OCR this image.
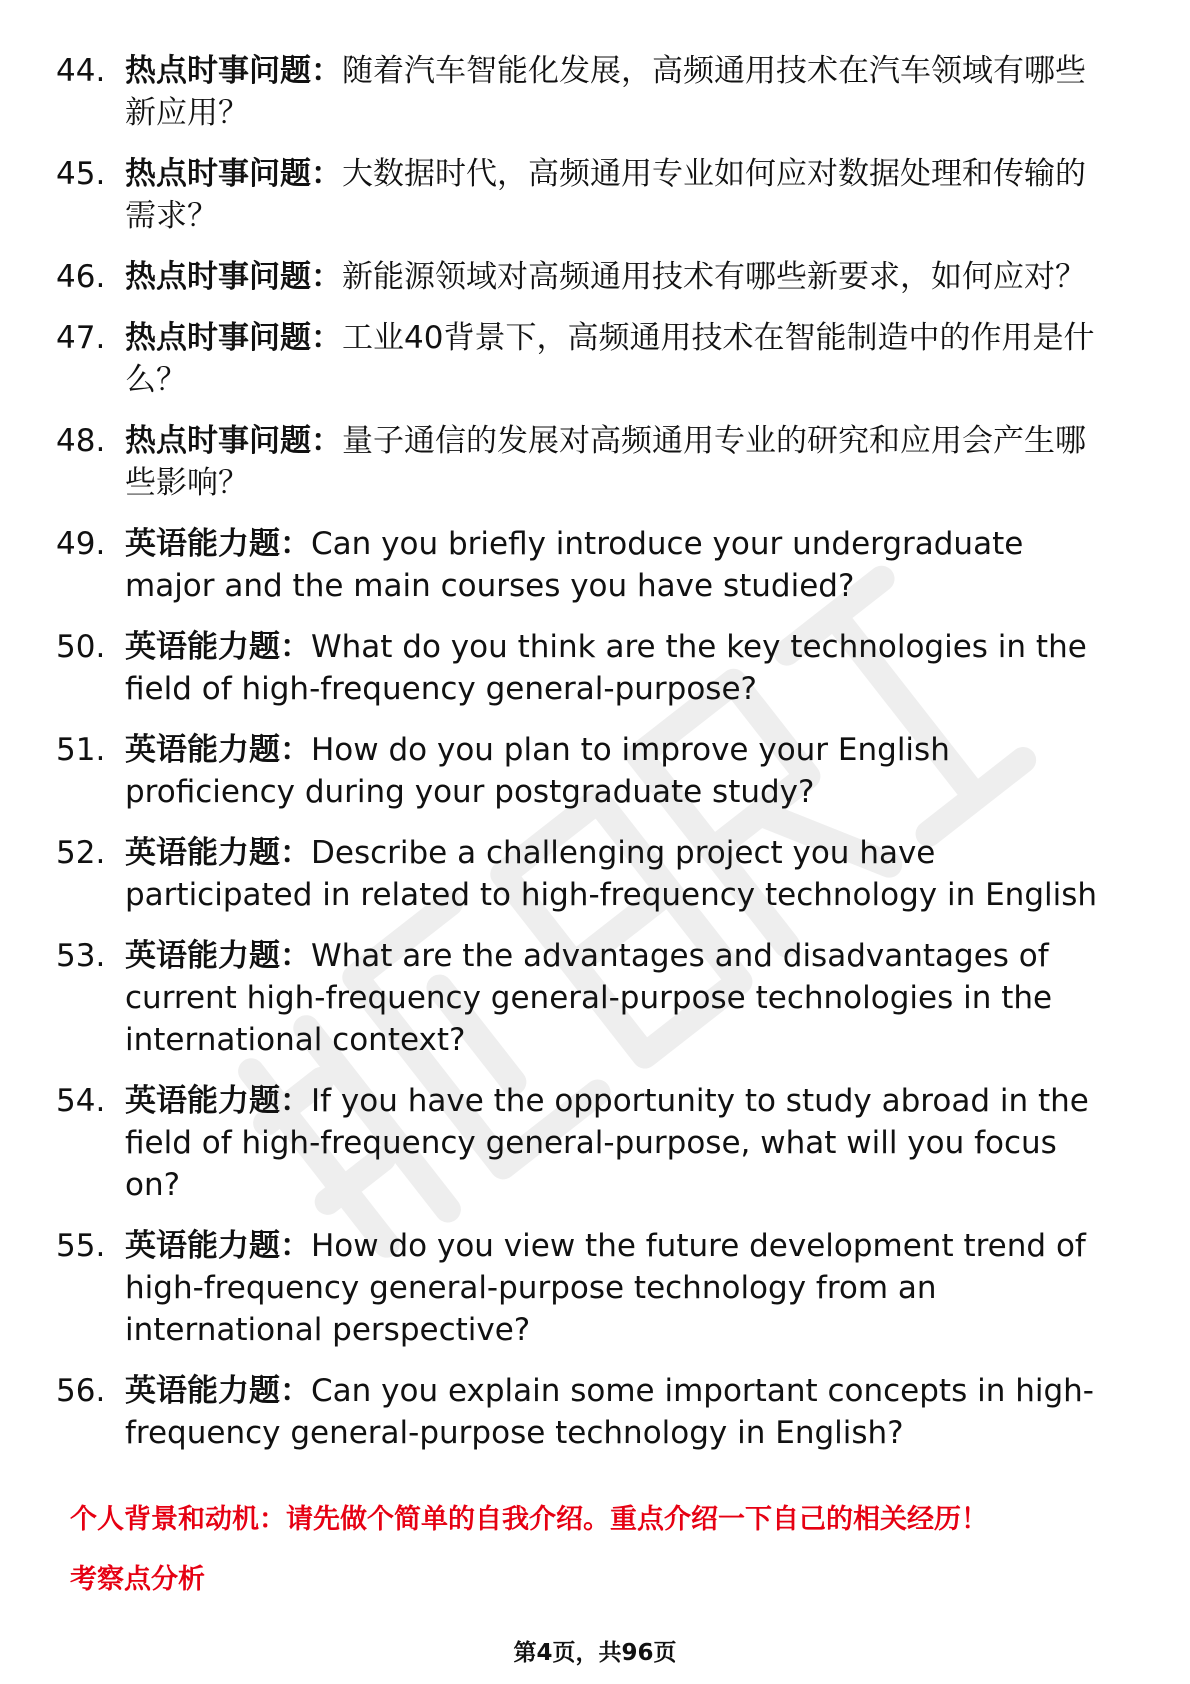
44. 热点时事问题：随着汽车智能化发展，高频通用技术在汽车领域有哪些新应用？
45. 热点时事问题：大数据时代，高频通用专业如何应对数据处理和传输的需求？
46. 热点时事问题：新能源领域对高频通用技术有哪些新要求，如何应对？
47. 热点时事问题：工业40背景下，高频通用技术在智能制造中的作用是什么？
48. 热点时事问题：量子通信的发展对高频通用专业的研究和应用会产生哪些影响？
49. 英语能力题：Can you briefly introduce your undergraduate major and the main courses you have studied?
50. 英语能力题：What do you think are the key technologies in the field of high-frequency general-purpose?
51. 英语能力题：How do you plan to improve your English proficiency during your postgraduate study?
52. 英语能力题：Describe a challenging project you have participated in related to high-frequency technology in English
53. 英语能力题：What are the advantages and disadvantages of current high-frequency general-purpose technologies in the international context?
54. 英语能力题：If you have the opportunity to study abroad in the field of high-frequency general-purpose, what will you focus on?
55. 英语能力题：How do you view the future development trend of high-frequency general-purpose technology from an international perspective?
56. 英语能力题：Can you explain some important concepts in high-frequency general-purpose technology in English?
个人背景和动机：请先做个简单的自我介绍。重点介绍一下自己的相关经历！
考察点分析
第4页，共96页
